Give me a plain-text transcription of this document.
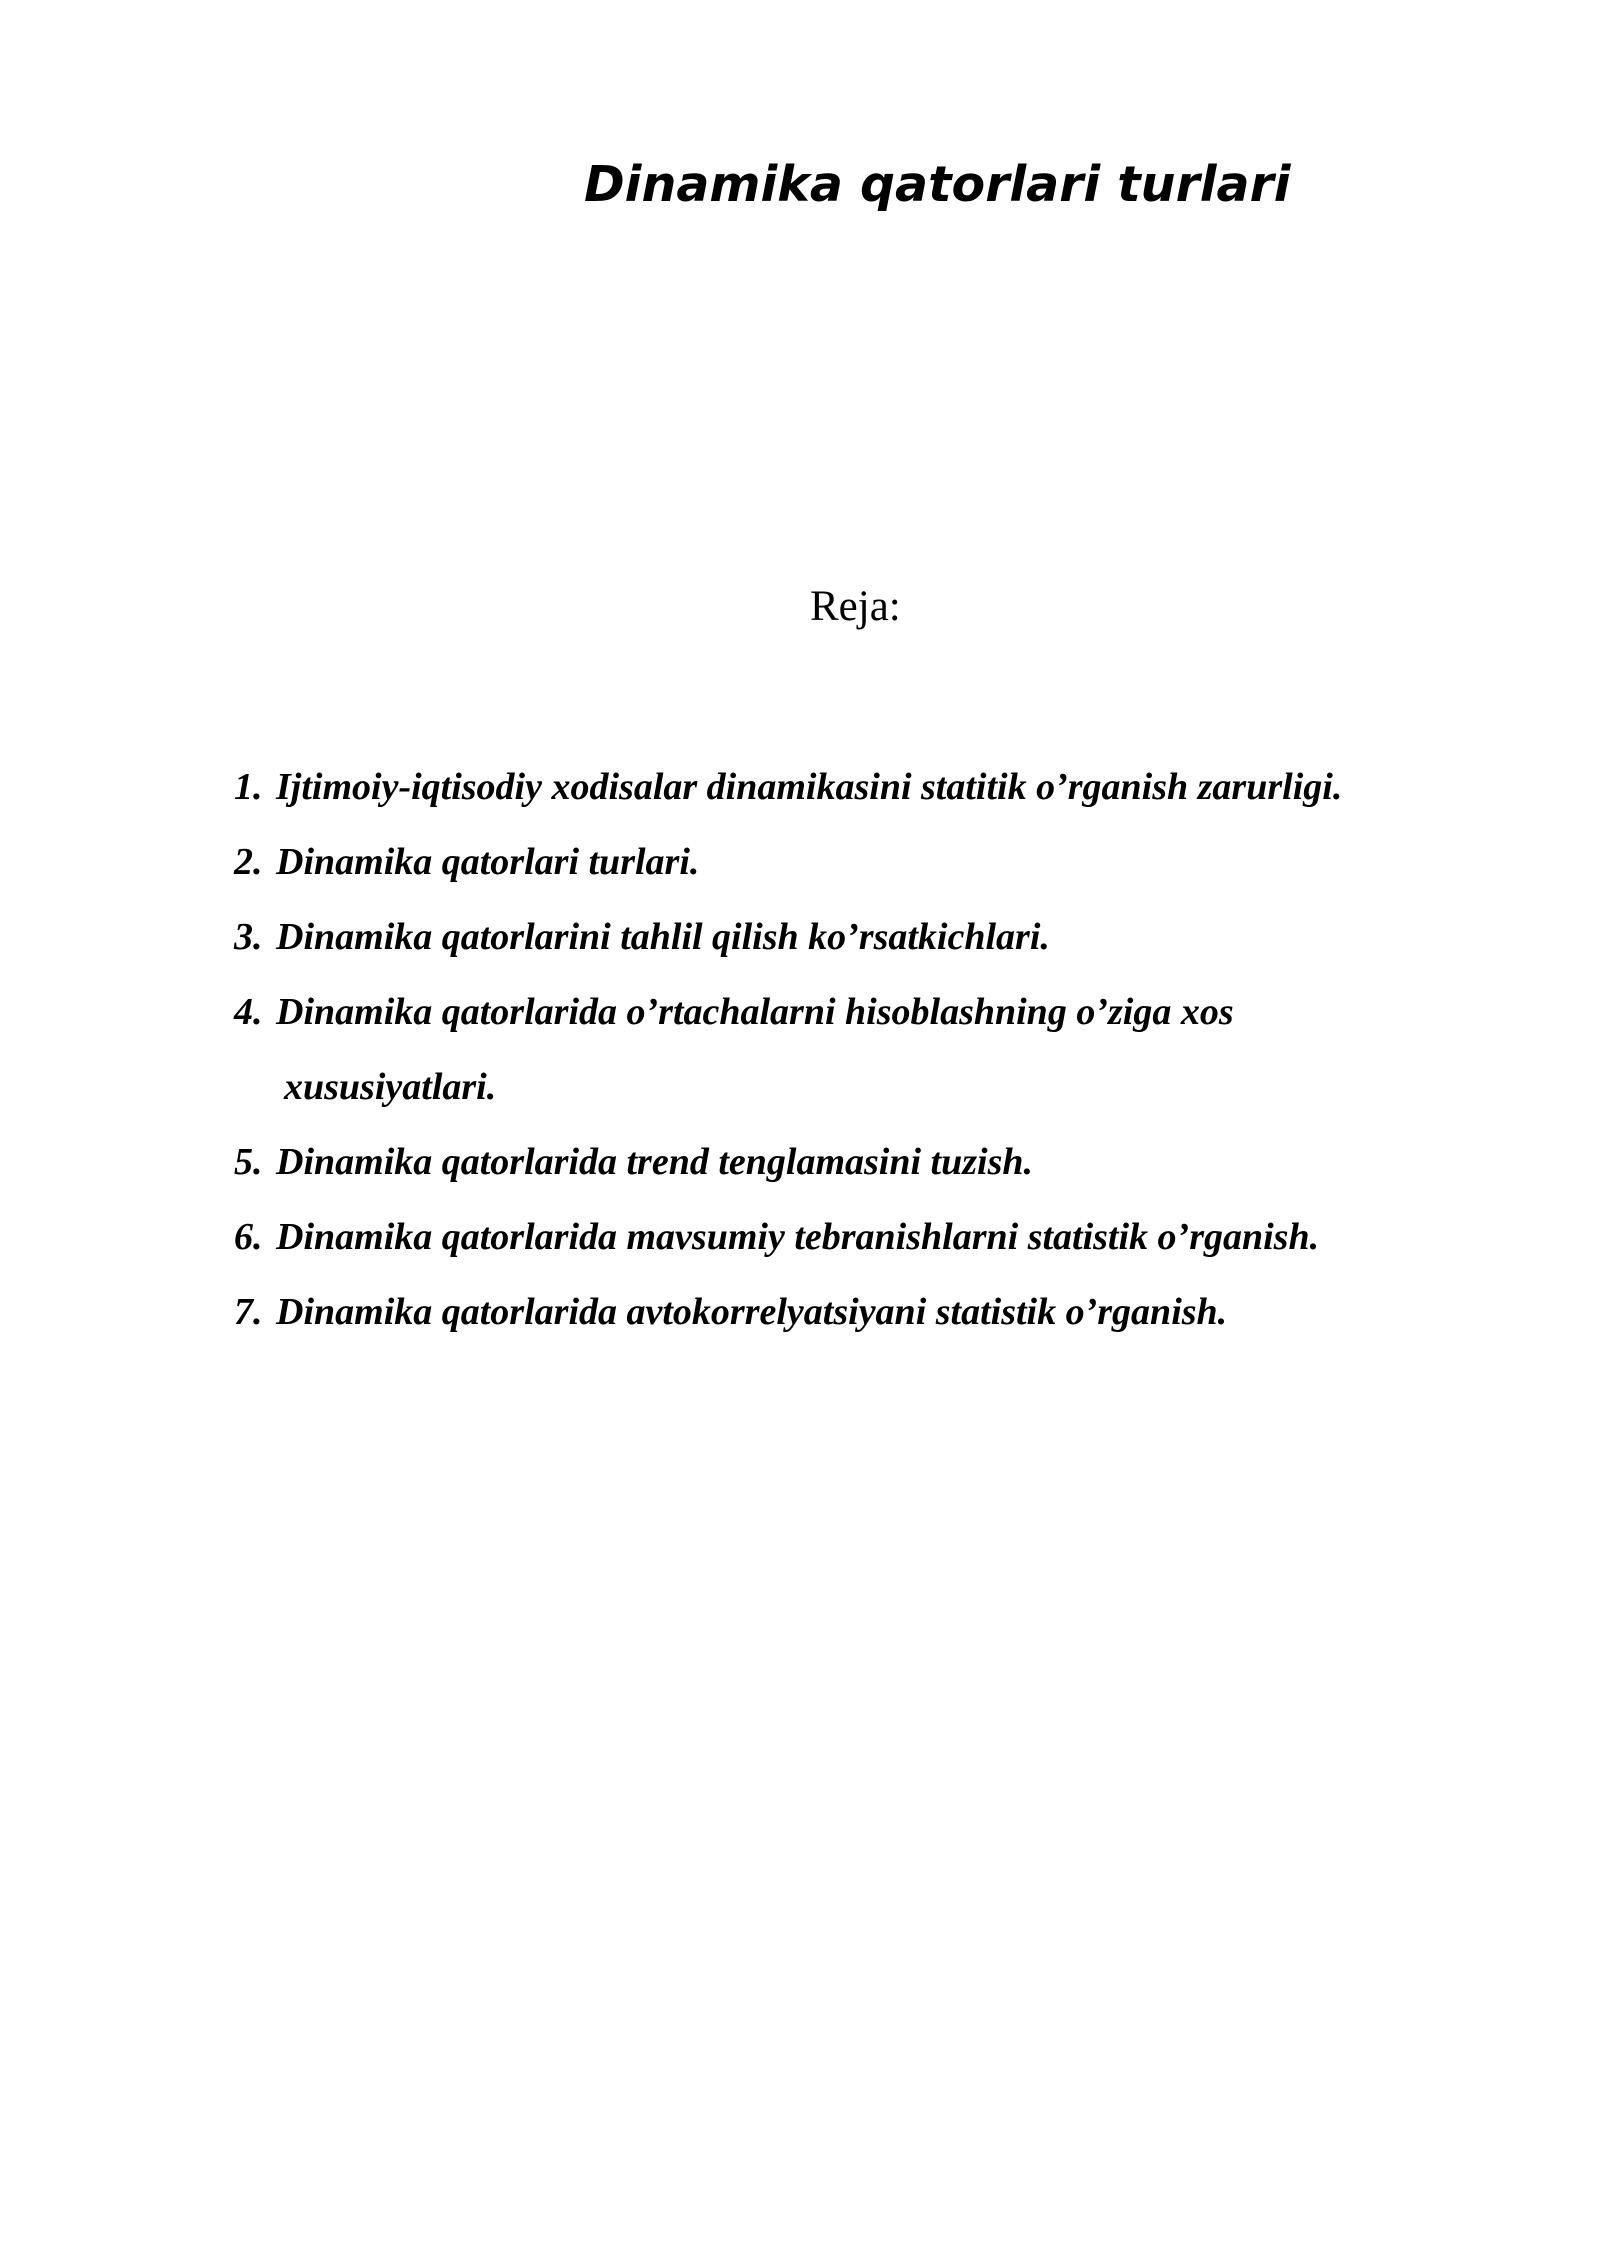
Dinamika qatorlari turlari
Reja:
1. Ijtimoiy-iqtisodiy xodisalar dinamikasini statitik o’rganish zarurligi.
2. Dinamika qatorlari turlari.
3. Dinamika qatorlarini tahlil qilish ko’rsatkichlari.
4. Dinamika qatorlarida o’rtachalarni hisoblashning o’ziga xos
xususiyatlari.
5. Dinamika qatorlarida trend tenglamasini tuzish.
6. Dinamika qatorlarida mavsumiy tebranishlarni statistik o’rganish.
7. Dinamika qatorlarida avtokorrelyatsiyani statistik o’rganish.
